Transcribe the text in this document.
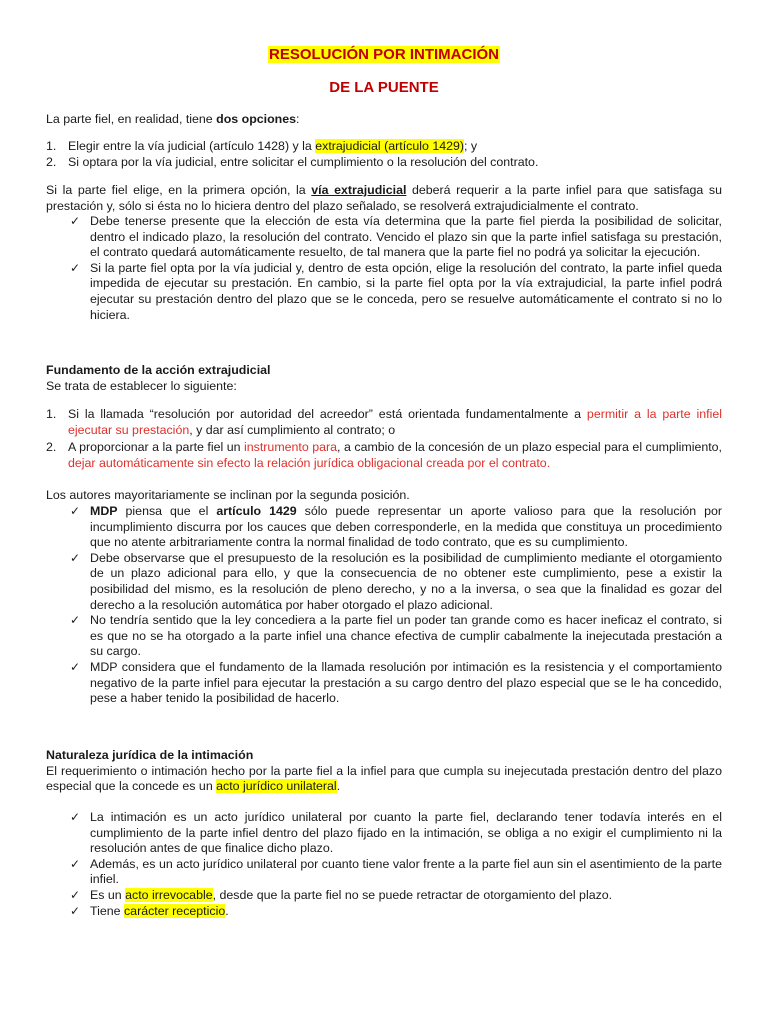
RESOLUCIÓN POR INTIMACIÓN
DE LA PUENTE
La parte fiel, en realidad, tiene dos opciones:
1. Elegir entre la vía judicial (artículo 1428) y la extrajudicial (artículo 1429); y
2. Si optara por la vía judicial, entre solicitar el cumplimiento o la resolución del contrato.
Si la parte fiel elige, en la primera opción, la vía extrajudicial deberá requerir a la parte infiel para que satisfaga su prestación y, sólo si ésta no lo hiciera dentro del plazo señalado, se resolverá extrajudicialmente el contrato.
✓ Debe tenerse presente que la elección de esta vía determina que la parte fiel pierda la posibilidad de solicitar, dentro el indicado plazo, la resolución del contrato. Vencido el plazo sin que la parte infiel satisfaga su prestación, el contrato quedará automáticamente resuelto, de tal manera que la parte fiel no podrá ya solicitar la ejecución.
✓ Si la parte fiel opta por la vía judicial y, dentro de esta opción, elige la resolución del contrato, la parte infiel queda impedida de ejecutar su prestación. En cambio, si la parte fiel opta por la vía extrajudicial, la parte infiel podrá ejecutar su prestación dentro del plazo que se le conceda, pero se resuelve automáticamente el contrato si no lo hiciera.
Fundamento de la acción extrajudicial
Se trata de establecer lo siguiente:
1. Si la llamada “resolución por autoridad del acreedor” está orientada fundamentalmente a permitir a la parte infiel ejecutar su prestación, y dar así cumplimiento al contrato; o
2. A proporcionar a la parte fiel un instrumento para, a cambio de la concesión de un plazo especial para el cumplimiento, dejar automáticamente sin efecto la relación jurídica obligacional creada por el contrato.
Los autores mayoritariamente se inclinan por la segunda posición.
✓ MDP piensa que el artículo 1429 sólo puede representar un aporte valioso para que la resolución por incumplimiento discurra por los cauces que deben corresponderle, en la medida que constituya un procedimiento que no atente arbitrariamente contra la normal finalidad de todo contrato, que es su cumplimiento.
✓ Debe observarse que el presupuesto de la resolución es la posibilidad de cumplimiento mediante el otorgamiento de un plazo adicional para ello, y que la consecuencia de no obtener este cumplimiento, pese a existir la posibilidad del mismo, es la resolución de pleno derecho, y no a la inversa, o sea que la finalidad es gozar del derecho a la resolución automática por haber otorgado el plazo adicional.
✓ No tendría sentido que la ley concediera a la parte fiel un poder tan grande como es hacer ineficaz el contrato, si es que no se ha otorgado a la parte infiel una chance efectiva de cumplir cabalmente la inejecutada prestación a su cargo.
✓ MDP considera que el fundamento de la llamada resolución por intimación es la resistencia y el comportamiento negativo de la parte infiel para ejecutar la prestación a su cargo dentro del plazo especial que se le ha concedido, pese a haber tenido la posibilidad de hacerlo.
Naturaleza jurídica de la intimación
El requerimiento o intimación hecho por la parte fiel a la infiel para que cumpla su inejecutada prestación dentro del plazo especial que la concede es un acto jurídico unilateral.
✓ La intimación es un acto jurídico unilateral por cuanto la parte fiel, declarando tener todavía interés en el cumplimiento de la parte infiel dentro del plazo fijado en la intimación, se obliga a no exigir el cumplimiento ni la resolución antes de que finalice dicho plazo.
✓ Además, es un acto jurídico unilateral por cuanto tiene valor frente a la parte fiel aun sin el asentimiento de la parte infiel.
✓ Es un acto irrevocable, desde que la parte fiel no se puede retractar de otorgamiento del plazo.
✓ Tiene carácter recepticio.
